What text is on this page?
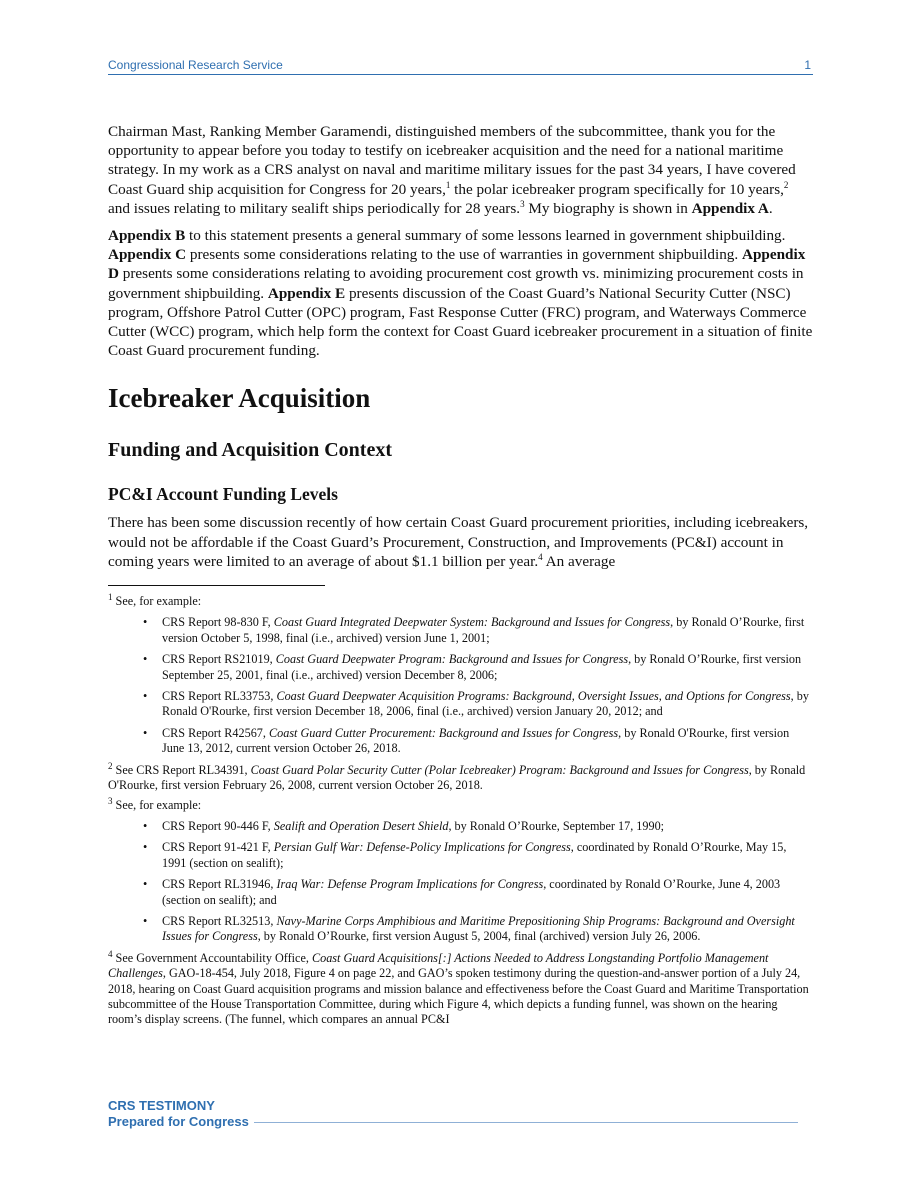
Congressional Research Service	1

Chairman Mast, Ranking Member Garamendi, distinguished members of the subcommittee, thank you for the opportunity to appear before you today to testify on icebreaker acquisition and the need for a national maritime strategy. In my work as a CRS analyst on naval and maritime military issues for the past 34 years, I have covered Coast Guard ship acquisition for Congress for 20 years,$^1$ the polar icebreaker program specifically for 10 years,$^2$ and issues relating to military sealift ships periodically for 28 years.$^3$ My biography is shown in Appendix A.

Appendix B to this statement presents a general summary of some lessons learned in government shipbuilding. Appendix C presents some considerations relating to the use of warranties in government shipbuilding. Appendix D presents some considerations relating to avoiding procurement cost growth vs. minimizing procurement costs in government shipbuilding. Appendix E presents discussion of the Coast Guard’s National Security Cutter (NSC) program, Offshore Patrol Cutter (OPC) program, Fast Response Cutter (FRC) program, and Waterways Commerce Cutter (WCC) program, which help form the context for Coast Guard icebreaker procurement in a situation of finite Coast Guard procurement funding.

Icebreaker Acquisition
Funding and Acquisition Context
PC&I Account Funding Levels

There has been some discussion recently of how certain Coast Guard procurement priorities, including icebreakers, would not be affordable if the Coast Guard’s Procurement, Construction, and Improvements (PC&I) account in coming years were limited to an average of about $1.1 billion per year.$^4$ An average

$^1$ See, for example:
• CRS Report 98-830 F, Coast Guard Integrated Deepwater System: Background and Issues for Congress, by Ronald O’Rourke, first version October 5, 1998, final (i.e., archived) version June 1, 2001;
• CRS Report RS21019, Coast Guard Deepwater Program: Background and Issues for Congress, by Ronald O’Rourke, first version September 25, 2001, final (i.e., archived) version December 8, 2006;
• CRS Report RL33753, Coast Guard Deepwater Acquisition Programs: Background, Oversight Issues, and Options for Congress, by Ronald O'Rourke, first version December 18, 2006, final (i.e., archived) version January 20, 2012; and
• CRS Report R42567, Coast Guard Cutter Procurement: Background and Issues for Congress, by Ronald O'Rourke, first version June 13, 2012, current version October 26, 2018.
$^2$ See CRS Report RL34391, Coast Guard Polar Security Cutter (Polar Icebreaker) Program: Background and Issues for Congress, by Ronald O'Rourke, first version February 26, 2008, current version October 26, 2018.
$^3$ See, for example:
• CRS Report 90-446 F, Sealift and Operation Desert Shield, by Ronald O’Rourke, September 17, 1990;
• CRS Report 91-421 F, Persian Gulf War: Defense-Policy Implications for Congress, coordinated by Ronald O’Rourke, May 15, 1991 (section on sealift);
• CRS Report RL31946, Iraq War: Defense Program Implications for Congress, coordinated by Ronald O’Rourke, June 4, 2003 (section on sealift); and
• CRS Report RL32513, Navy-Marine Corps Amphibious and Maritime Prepositioning Ship Programs: Background and Oversight Issues for Congress, by Ronald O’Rourke, first version August 5, 2004, final (archived) version July 26, 2006.
$^4$ See Government Accountability Office, Coast Guard Acquisitions[:] Actions Needed to Address Longstanding Portfolio Management Challenges, GAO-18-454, July 2018, Figure 4 on page 22, and GAO’s spoken testimony during the question-and-answer portion of a July 24, 2018, hearing on Coast Guard acquisition programs and mission balance and effectiveness before the Coast Guard and Maritime Transportation subcommittee of the House Transportation Committee, during which Figure 4, which depicts a funding funnel, was shown on the hearing room’s display screens. (The funnel, which compares an annual PC&I
CRS TESTIMONY
Prepared for Congress
